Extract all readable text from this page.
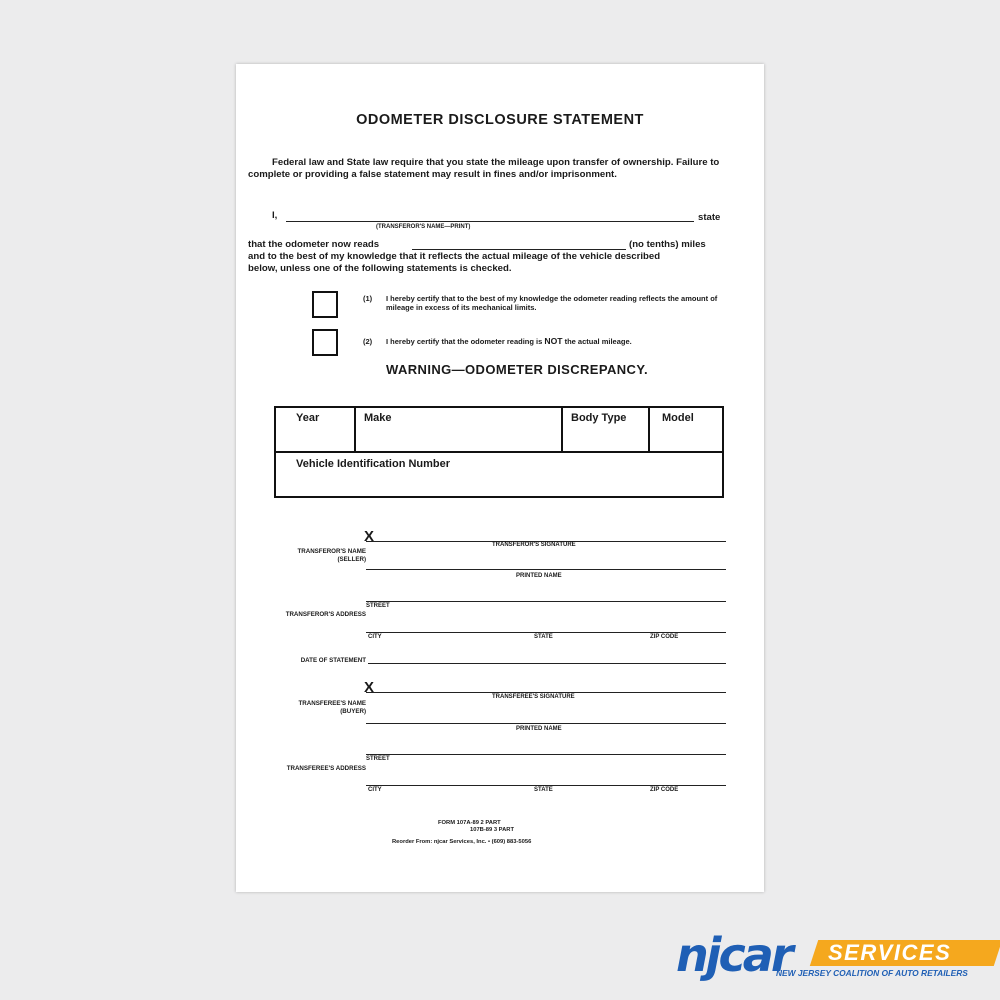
ODOMETER DISCLOSURE STATEMENT
Federal law and State law require that you state the mileage upon transfer of ownership. Failure to complete or providing a false statement may result in fines and/or imprisonment.
I,	state
(TRANSFEROR'S NAME—PRINT)
that the odometer now reads	(no tenths) miles
and to the best of my knowledge that it reflects the actual mileage of the vehicle described
below, unless one of the following statements is checked.
(1) I hereby certify that to the best of my knowledge the odometer reading reflects the amount of mileage in excess of its mechanical limits.
(2) I hereby certify that the odometer reading is NOT the actual mileage.
WARNING—ODOMETER DISCREPANCY.
Year	Make	Body Type	Model
Vehicle Identification Number
X	TRANSFEROR'S SIGNATURE
TRANSFEROR'S NAME
(SELLER)
PRINTED NAME
STREET
TRANSFEROR'S ADDRESS
CITY	STATE	ZIP CODE
DATE OF STATEMENT
X
TRANSFEREE'S SIGNATURE
TRANSFEREE'S NAME
(BUYER)
PRINTED NAME
STREET
TRANSFEREE'S ADDRESS
CITY	STATE	ZIP CODE
FORM 107A-89 2 PART
107B-89 3 PART
Reorder From: njcar Services, Inc. • (609) 883-5056
njcar SERVICES
NEW JERSEY COALITION OF AUTO RETAILERS
